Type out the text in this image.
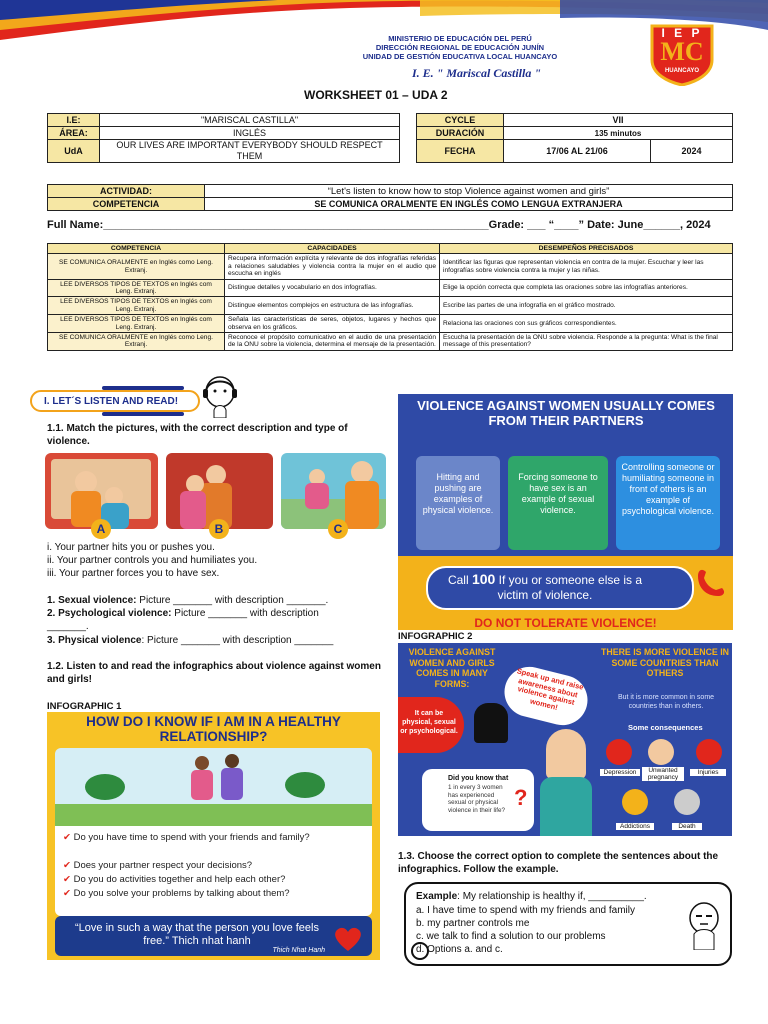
MINISTERIO DE EDUCACIÓN DEL PERÚ
DIRECCIÓN REGIONAL DE EDUCACIÓN JUNÍN
UNIDAD DE GESTIÓN EDUCATIVA LOCAL HUANCAYO
I. E. " Mariscal Castilla "
I E P
MC
HUANCAYO
WORKSHEET 01 – UDA 2
I.E:	"MARISCAL CASTILLA"
ÁREA:	INGLÉS
UdA	OUR LIVES ARE IMPORTANT EVERYBODY SHOULD RESPECT THEM
CYCLE	VII	
DURACIÓN	135 minutos	
FECHA	17/06 AL 21/06	2024
ACTIVIDAD:	“Let's listen to know how to stop Violence against women and girls”
COMPETENCIA	SE COMUNICA ORALMENTE EN INGLÉS COMO LENGUA EXTRANJERA
Full Name:_______________________________________________________________Grade: ___ “____” Date: June______, 2024
COMPETENCIA	CAPACIDADES	DESEMPEÑOS PRECISADOS
SE COMUNICA ORALMENTE en Inglés como Leng. Extranj.	Recupera información explícita y relevante de dos infografías referidas a relaciones saludables y violencia contra la mujer en el audio que escucha en inglés	Identificar las figuras que representan violencia en contra de la mujer. Escuchar y leer las infografías sobre violencia contra la mujer y las niñas.
LEE DIVERSOS TIPOS DE TEXTOS en Inglés com Leng. Extranj.	Distingue detalles y vocabulario en dos infografías.	Elige la opción correcta que completa las oraciones sobre las infografías anteriores.
LEE DIVERSOS TIPOS DE TEXTOS en Inglés com Leng. Extranj.	Distingue elementos complejos en estructura de las infografías.	Escribe las partes de una infografía en el gráfico mostrado.
LEE DIVERSOS TIPOS DE TEXTOS en Inglés com Leng. Extranj.	Señala las características de seres, objetos, lugares y hechos que observa en los gráficos.	Relaciona las oraciones con sus gráficos correspondientes.
SE COMUNICA ORALMENTE en Inglés como Leng. Extranj.	Reconoce el propósito comunicativo en el audio de una presentación de la ONU sobre la violencia, determina el mensaje de la presentación.	Escucha la presentación de la ONU sobre violencia. Responde a la pregunta: What is the final message of this presentation?
I. LET´S LISTEN AND READ!
1.1. Match the pictures, with the correct description and type of violence.
A	B	C
i. Your partner hits you or pushes you.
ii. Your partner controls you and humiliates you.
iii. Your partner forces you to have sex.
1. Sexual violence: Picture _______ with description _______.
2. Psychological violence: Picture _______ with description _______.
3. Physical violence: Picture _______ with description _______
1.2. Listen to and read the infographics about violence against women and girls!
INFOGRAPHIC 1
HOW DO I KNOW IF I AM IN A HEALTHY RELATIONSHIP?
✔ Do you have time to spend with your friends and family?
✔ Does your partner respect your decisions?
✔ Do you do activities together and help each other?
✔ Do you solve your problems by talking about them?
“Love in such a way that the person you love feels free.” Thich nhat hanh
Thich Nhat Hanh
VIOLENCE AGAINST WOMEN USUALLY COMES FROM THEIR PARTNERS
Hitting and pushing are examples of physical violence.
Forcing someone to have sex is an example of sexual violence.
Controlling someone or humiliating someone in front of others is an example of psychological violence.
Call 100 If you or someone else is a victim of violence.
DO NOT TOLERATE VIOLENCE!
INFOGRAPHIC 2
VIOLENCE AGAINST WOMEN AND GIRLS COMES IN MANY FORMS:
It can be physical, sexual or psychological.
Speak up and raise awareness about violence against women!
THERE IS MORE VIOLENCE IN SOME COUNTRIES THAN OTHERS
But it is more common in some countries than in others.
Some consequences
Depression	Unwanted pregnancy
Injuries
Addictions	Death
Did you know that
1 in every 3 women has experienced sexual or physical violence in their life? ?
1.3. Choose the correct option to complete the sentences about the infographics. Follow the example.
Example: My relationship is healthy if, __________.
a. I have time to spend with my friends and family
b. my partner controls me
c. we talk to find a solution to our problems
d. Options a. and c.
